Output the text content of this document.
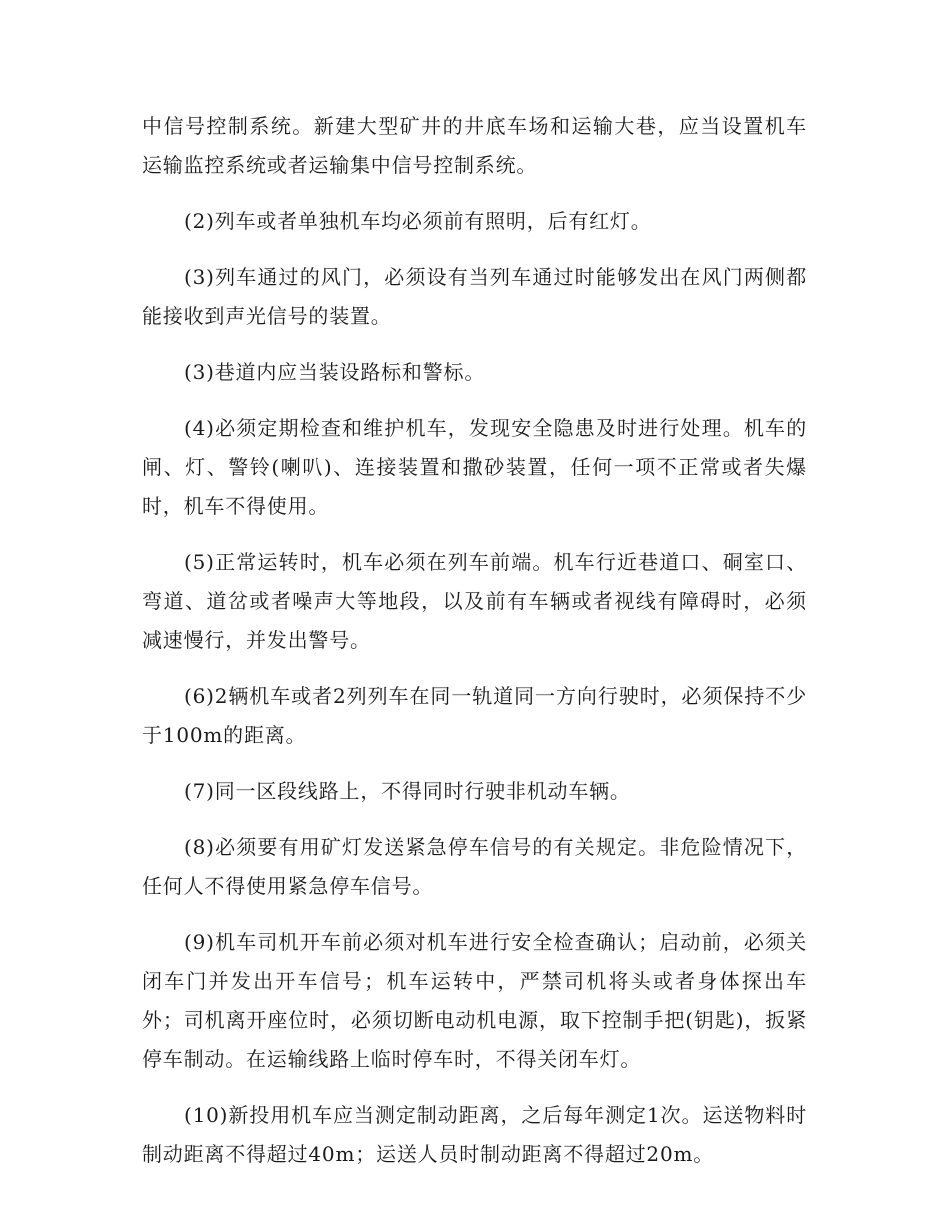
中信号控制系统。新建大型矿井的井底车场和运输大巷，应当设置机车运输监控系统或者运输集中信号控制系统。

(2)列车或者单独机车均必须前有照明，后有红灯。

(3)列车通过的风门，必须设有当列车通过时能够发出在风门两侧都能接收到声光信号的装置。

(3)巷道内应当装设路标和警标。

(4)必须定期检查和维护机车，发现安全隐患及时进行处理。机车的闸、灯、警铃(喇叭)、连接装置和撒砂装置，任何一项不正常或者失爆时，机车不得使用。

(5)正常运转时，机车必须在列车前端。机车行近巷道口、硐室口、弯道、道岔或者噪声大等地段，以及前有车辆或者视线有障碍时，必须减速慢行，并发出警号。

(6)2辆机车或者2列列车在同一轨道同一方向行驶时，必须保持不少于100m的距离。

(7)同一区段线路上，不得同时行驶非机动车辆。

(8)必须要有用矿灯发送紧急停车信号的有关规定。非危险情况下，任何人不得使用紧急停车信号。

(9)机车司机开车前必须对机车进行安全检查确认；启动前，必须关闭车门并发出开车信号；机车运转中，严禁司机将头或者身体探出车外；司机离开座位时，必须切断电动机电源，取下控制手把(钥匙)，扳紧停车制动。在运输线路上临时停车时，不得关闭车灯。

(10)新投用机车应当测定制动距离，之后每年测定1次。运送物料时制动距离不得超过40m；运送人员时制动距离不得超过20m。
